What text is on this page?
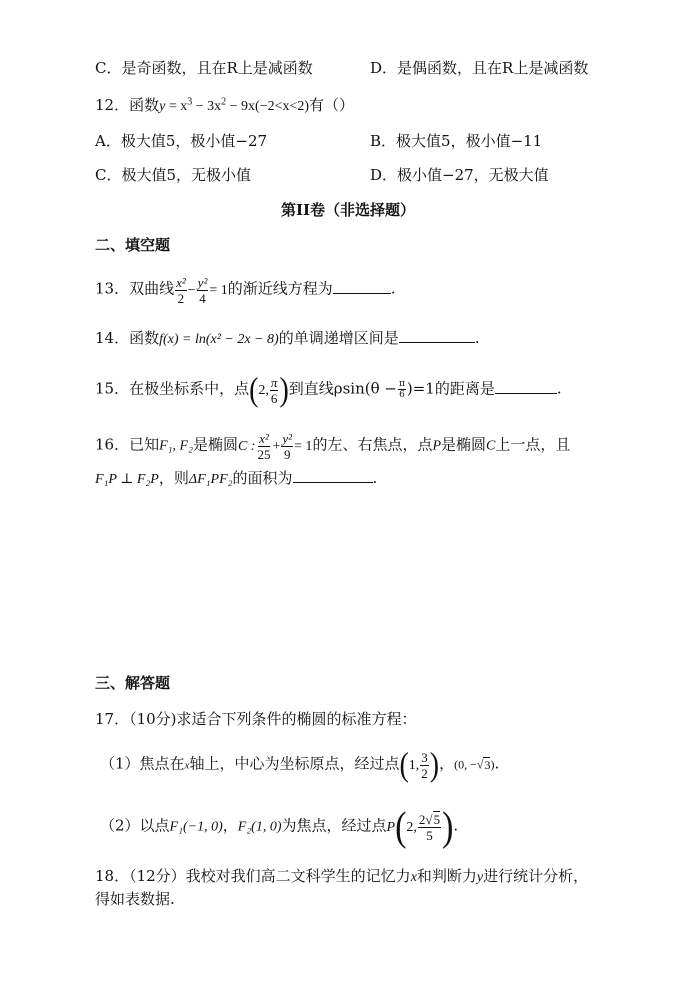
C．是奇函数，且在R上是减函数	D．是偶函数，且在R上是减函数
12．函数$y = x^3 - 3x^2 - 9x(-2<x<2)$有（）
A．极大值5，极小值−27	B．极大值5，极小值−11
C．极大值5，无极小值	D．极小值−27，无极大值
第II卷（非选择题）
二、填空题
13．双曲线 $\frac{\text{x²}}{2} - \frac{\text{y²}}{4} = 1$的渐近线方程为	.
14．函数f(x) = ln(x² − 2x − 8)的单调递增区间是	.
15．在极坐标系中，点(2, $\frac{\pi}{6}$ )到直线$\rho\sin(\theta - \frac{\pi}{6} )=1$的距离是	.
16．已知F₁, F₂是椭圆C : $\frac{\text{x²}}{25} + \frac{\text{y²}}{9} = 1$的左、右焦点，点P是椭圆C上一点，且
F₁P ⊥ F₂P，则ΔF₁PF₂的面积为	.
三、解答题
17．（10分)求适合下列条件的椭圆的标准方程：
（1）焦点在x轴上，中心为坐标原点，经过点(1, $\frac{3}{2}$ )，(0, −√3).
（2）以点F₁(−1, 0)，F₂(1, 0)为焦点，经过点P(2, $\frac{2√5}{5}$ ).
18．（12分）我校对我们高二文科学生的记忆力x和判断力y进行统计分析，
得如表数据.
